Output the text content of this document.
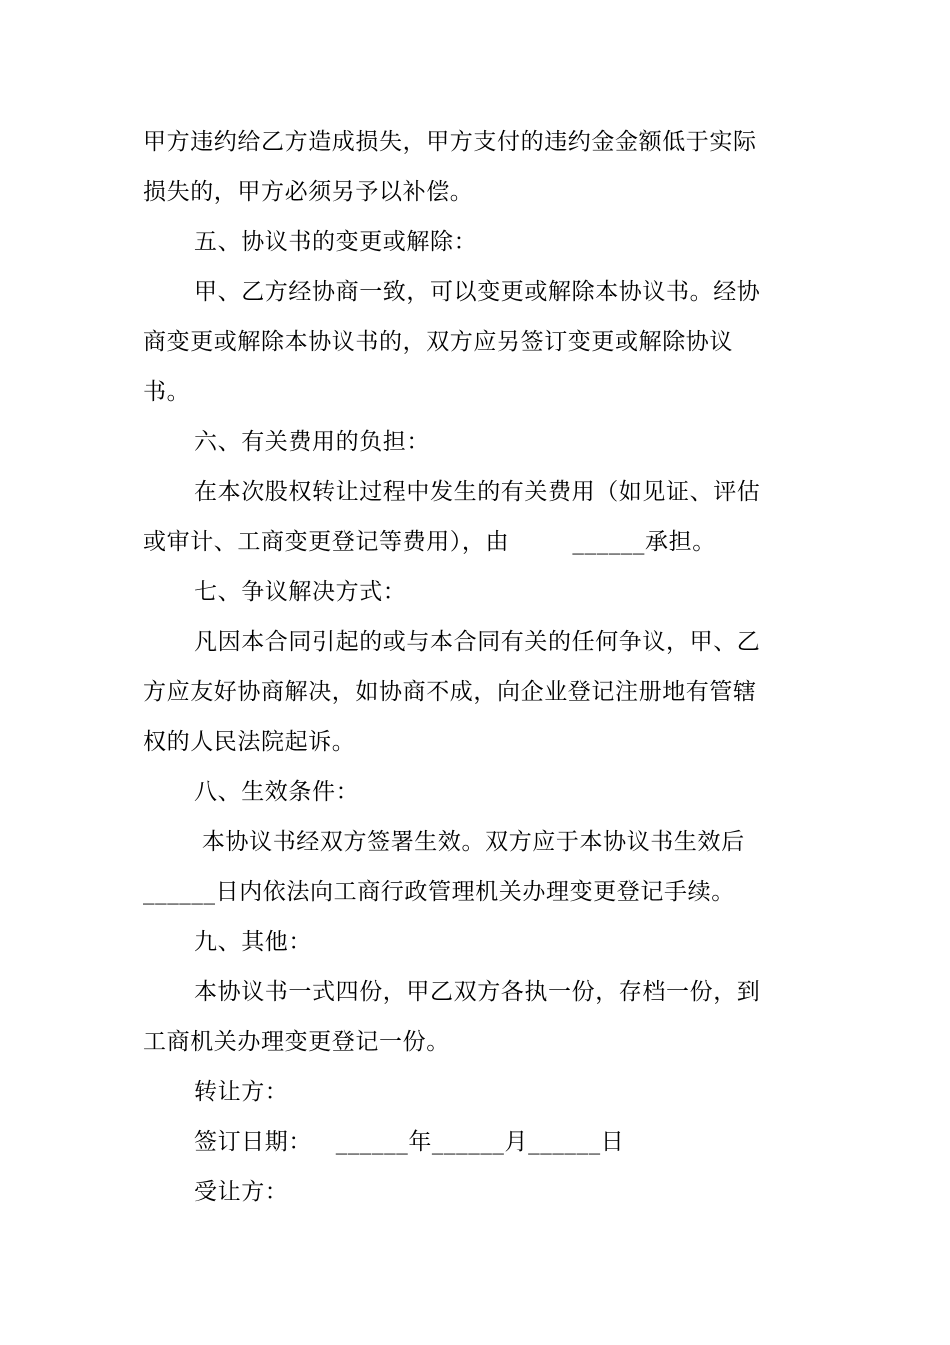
甲方违约给乙方造成损失，甲方支付的违约金金额低于实际
损失的，甲方必须另予以补偿。
五、协议书的变更或解除：
甲、乙方经协商一致，可以变更或解除本协议书。经协
商变更或解除本协议书的，双方应另签订变更或解除协议
书。
六、有关费用的负担：
在本次股权转让过程中发生的有关费用（如见证、评估
或审计、工商变更登记等费用），由        ______承担。
七、争议解决方式：
凡因本合同引起的或与本合同有关的任何争议，甲、乙
方应友好协商解决，如协商不成，向企业登记注册地有管辖
权的人民法院起诉。
八、生效条件：
本协议书经双方签署生效。双方应于本协议书生效后
______日内依法向工商行政管理机关办理变更登记手续。
九、其他：
本协议书一式四份，甲乙双方各执一份，存档一份，到
工商机关办理变更登记一份。
转让方：
签订日期：   ______年______月______日
受让方：
